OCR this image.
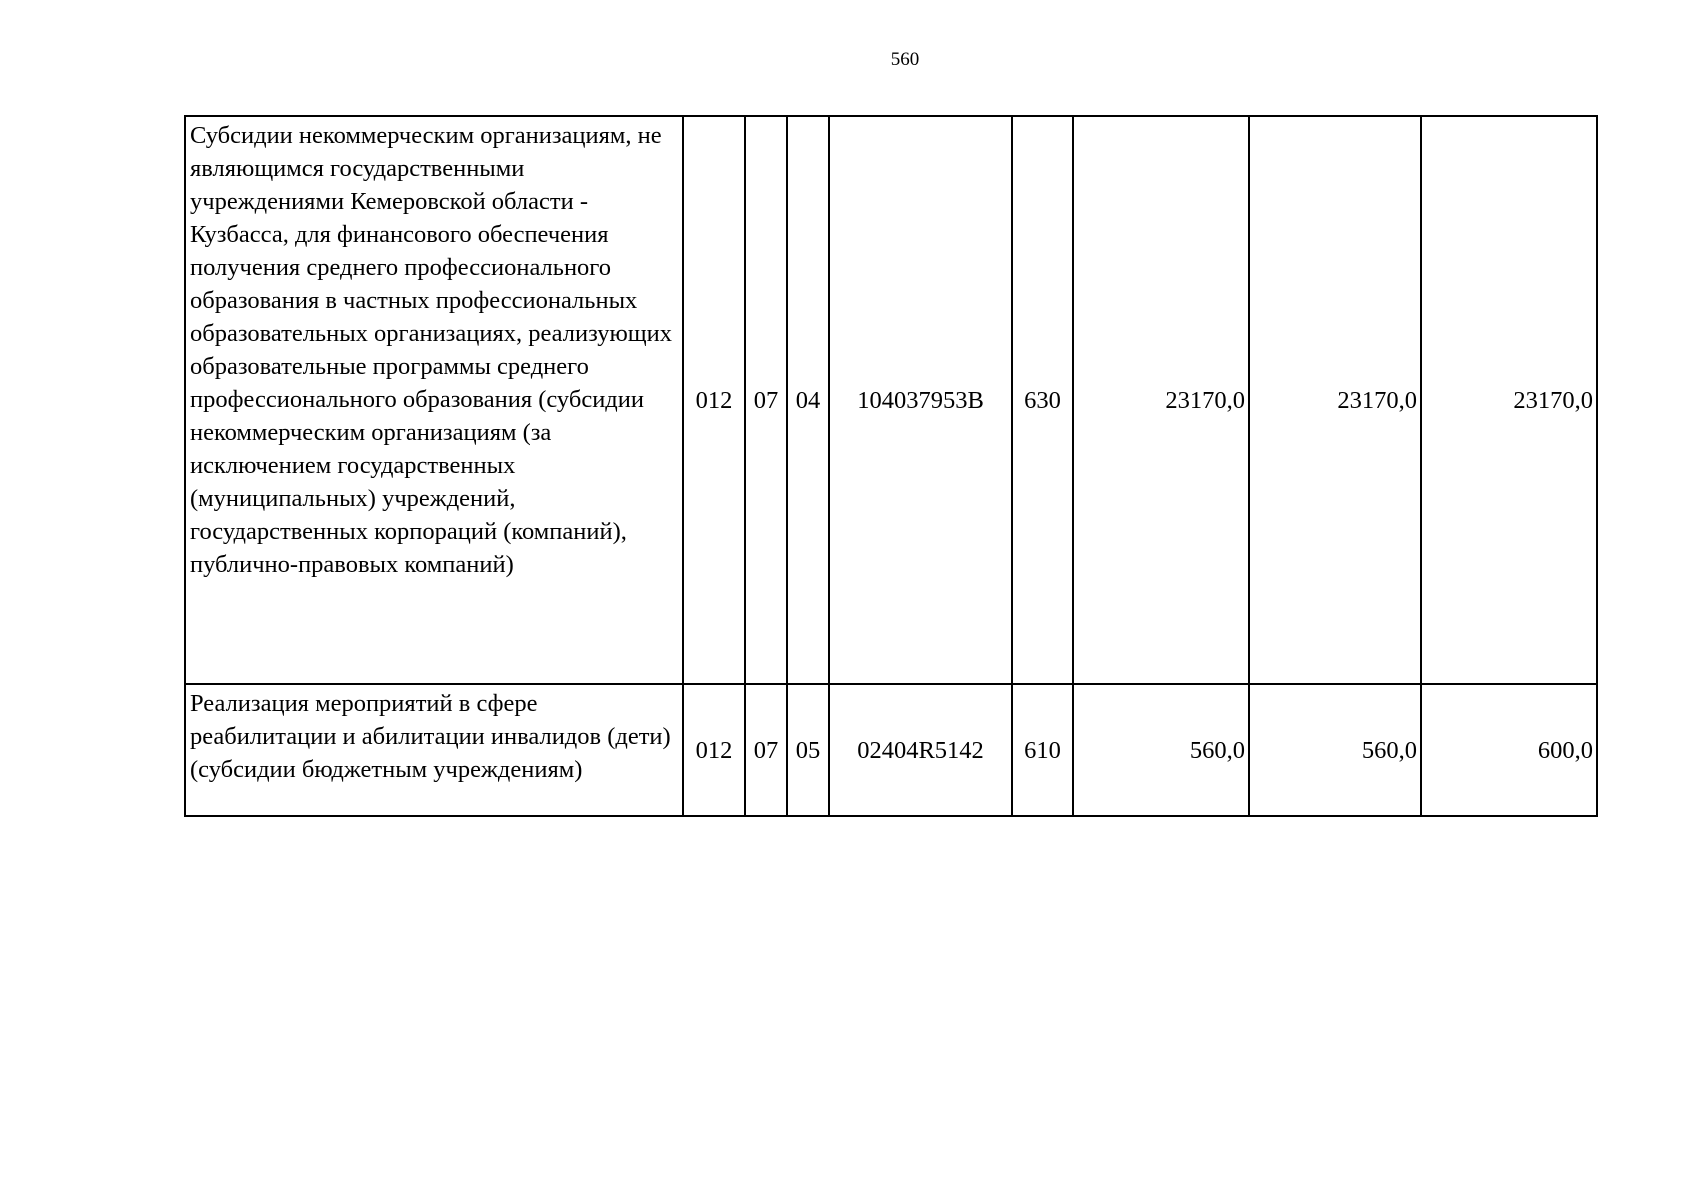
560
Субсидии некоммерческим организациям, не являющимся государственными учреждениями Кемеровской области - Кузбасса, для финансового обеспечения получения среднего профессионального образования в частных профессиональных образовательных организациях, реализующих образовательные программы среднего профессионального образования (субсидии некоммерческим организациям (за исключением государственных (муниципальных) учреждений, государственных корпораций (компаний), публично-правовых компаний)	012	07	04	104037953В	630	23170,0	23170,0	23170,0
Реализация мероприятий в сфере реабилитации и абилитации инвалидов (дети) (субсидии бюджетным учреждениям)	012	07	05	02404R5142	610	560,0	560,0	600,0
